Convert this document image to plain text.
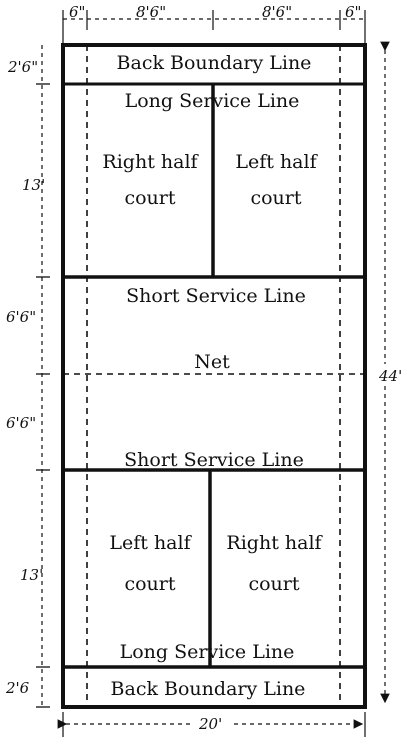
6"	8'6"	8'6"	6"
2'6"
13'
6'6"
6'6"
13'
2'6
44'
20'
Back Boundary Line
Long Service Line
Right half
court
Left half
court
Short Service Line
Net
Short Service Line
Left half
court
Right half
court
Long Service Line
Back Boundary Line
